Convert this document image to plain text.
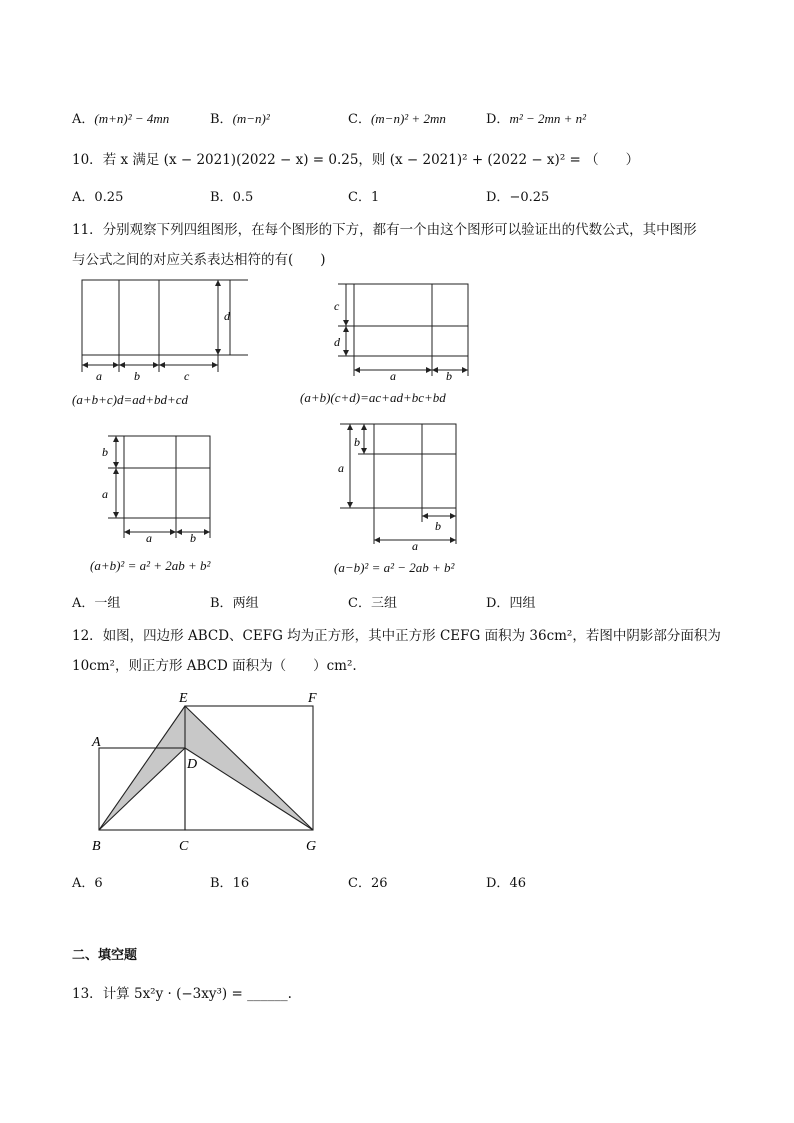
A．(m+n)² − 4mn	B．(m−n)²	C．(m−n)² + 2mn	D．m² − 2mn + n²
10．若 x 满足 (x − 2021)(2022 − x) = 0.25，则 (x − 2021)² + (2022 − x)² = （　　）
A．0.25	B．0.5	C．1	D．−0.25
11．分别观察下列四组图形，在每个图形的下方，都有一个由这个图形可以验证出的代数公式，其中图形
与公式之间的对应关系表达相符的有(　　)
d
a	b	c
(a+b+c)d=ad+bd+cd
c
d
a	b
(a+b)(c+d)=ac+ad+bc+bd
b
a
a	b
(a+b)² = a² + 2ab + b²
b
a
b
a
(a−b)² = a² − 2ab + b²
A．一组	B．两组	C．三组	D．四组
12．如图，四边形 ABCD、CEFG 均为正方形，其中正方形 CEFG 面积为 36cm²，若图中阴影部分面积为
10cm²，则正方形 ABCD 面积为（　　）cm².
A
B	C
D
E	F
G
A．6	B．16	C．26	D．46
二、填空题
13．计算 5x²y · (−3xy³) = ______.
